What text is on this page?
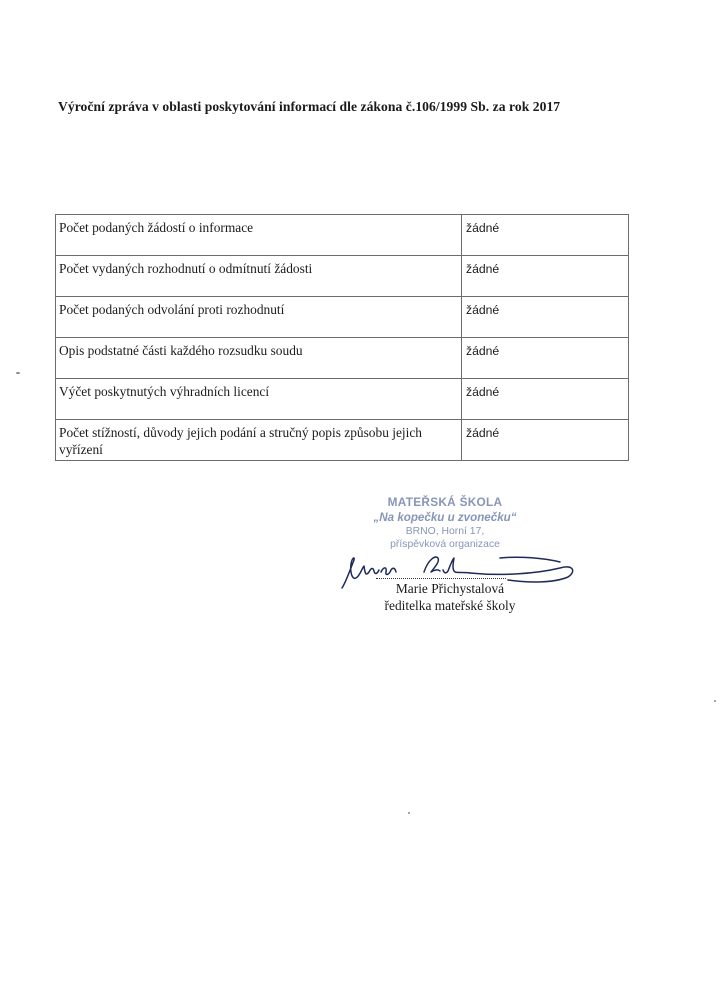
Výroční zpráva v oblasti poskytování informací dle zákona č.106/1999 Sb. za rok 2017
Počet podaných žádostí o informace	žádné
Počet vydaných rozhodnutí o odmítnutí žádosti	žádné
Počet podaných odvolání proti rozhodnutí	žádné
Opis podstatné části každého rozsudku soudu	žádné
Výčet poskytnutých výhradních licencí	žádné
Počet stížností, důvody jejich podání a stručný popis způsobu jejich vyřízení	žádné
MATEŘSKÁ ŠKOLA
„Na kopečku u zvonečku“
BRNO, Horní 17,
příspěvková organizace
Marie Přichystalová
ředitelka mateřské školy
